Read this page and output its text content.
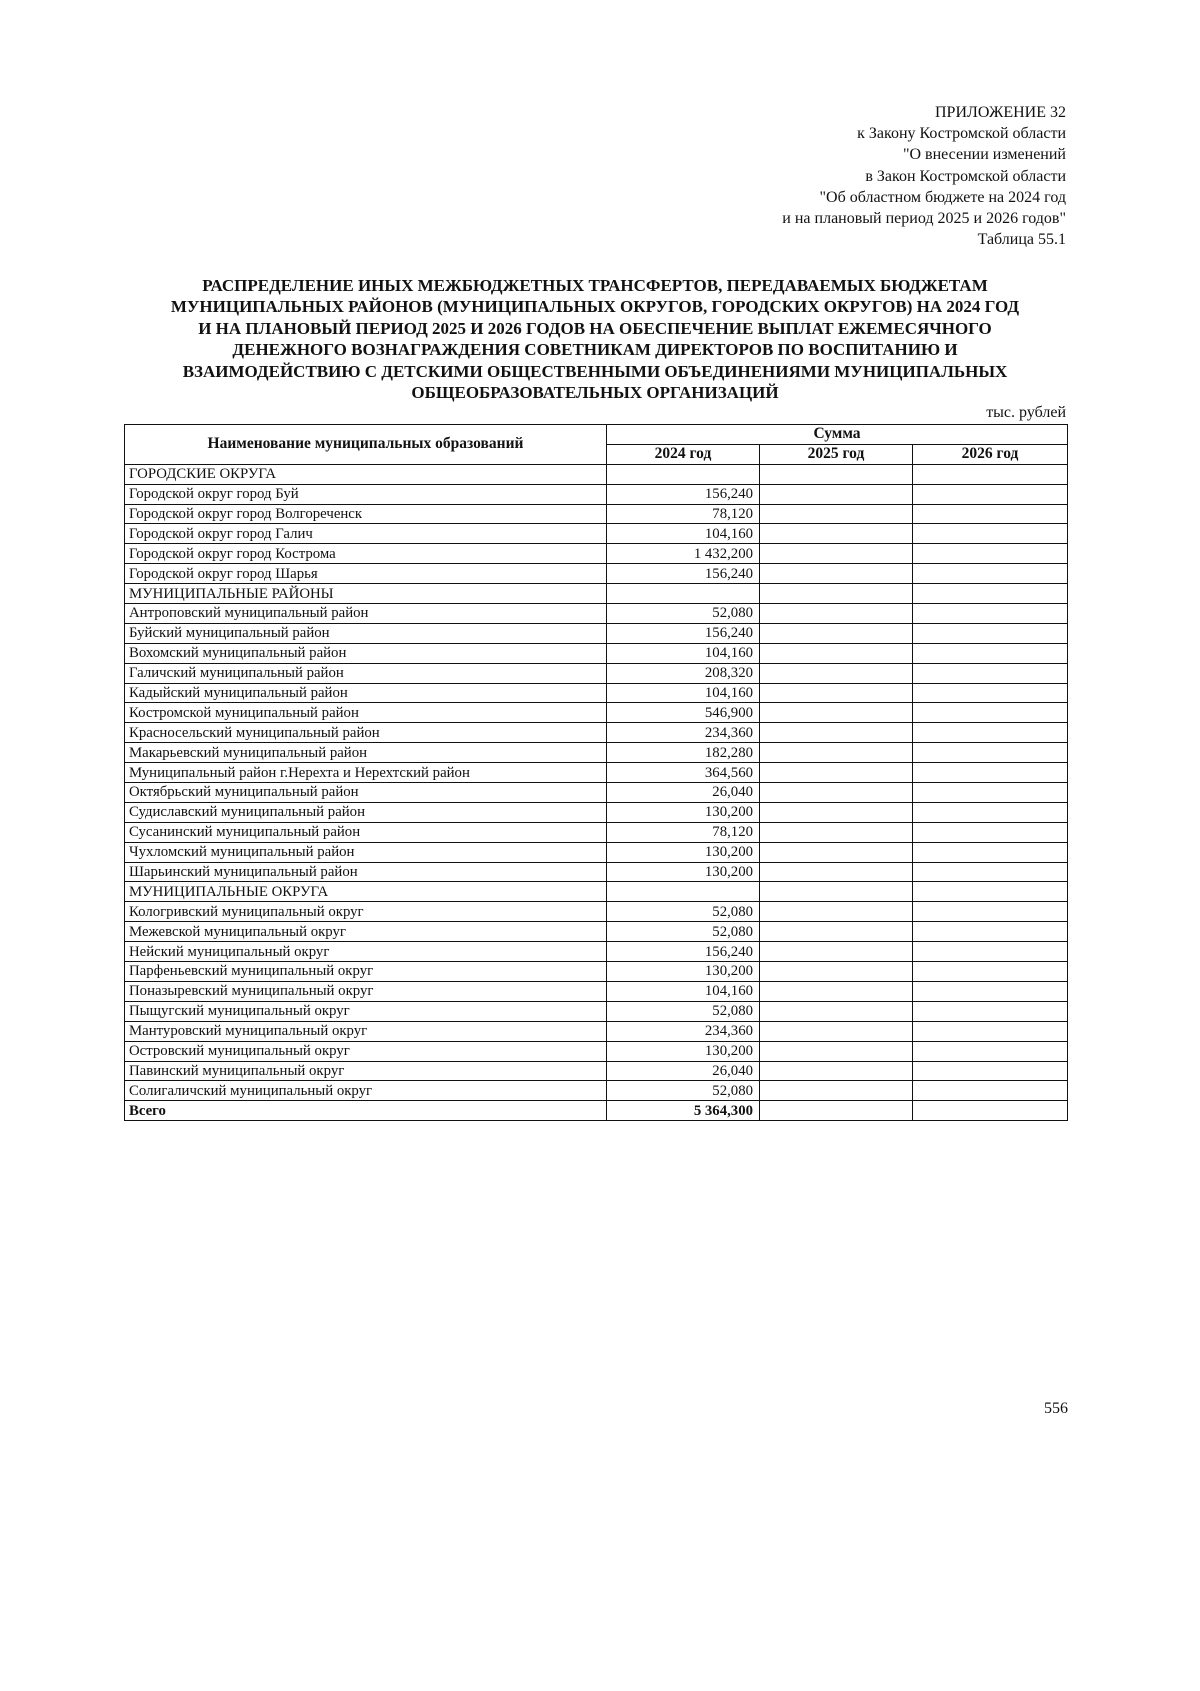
ПРИЛОЖЕНИЕ 32
к Закону Костромской области
"О внесении изменений
в Закон Костромской области
"Об областном бюджете на 2024 год
и на плановый период 2025 и 2026 годов"
Таблица 55.1
РАСПРЕДЕЛЕНИЕ ИНЫХ МЕЖБЮДЖЕТНЫХ ТРАНСФЕРТОВ, ПЕРЕДАВАЕМЫХ БЮДЖЕТАМ
МУНИЦИПАЛЬНЫХ РАЙОНОВ (МУНИЦИПАЛЬНЫХ ОКРУГОВ, ГОРОДСКИХ ОКРУГОВ) НА 2024 ГОД
И НА ПЛАНОВЫЙ ПЕРИОД 2025 И 2026 ГОДОВ НА ОБЕСПЕЧЕНИЕ ВЫПЛАТ ЕЖЕМЕСЯЧНОГО
ДЕНЕЖНОГО ВОЗНАГРАЖДЕНИЯ СОВЕТНИКАМ ДИРЕКТОРОВ ПО ВОСПИТАНИЮ И
ВЗАИМОДЕЙСТВИЮ С ДЕТСКИМИ ОБЩЕСТВЕННЫМИ ОБЪЕДИНЕНИЯМИ МУНИЦИПАЛЬНЫХ
ОБЩЕОБРАЗОВАТЕЛЬНЫХ ОРГАНИЗАЦИЙ
тыс. рублей
Наименование муниципальных образований	Сумма		
	2024 год	2025 год	2026 год
ГОРОДСКИЕ ОКРУГА			
Городской округ город Буй	156,240		
Городской округ город Волгореченск	78,120		
Городской округ город Галич	104,160		
Городской округ город Кострома	1 432,200		
Городской округ город Шарья	156,240		
МУНИЦИПАЛЬНЫЕ РАЙОНЫ			
Антроповский муниципальный район	52,080		
Буйский муниципальный район	156,240		
Вохомский муниципальный район	104,160		
Галичский муниципальный район	208,320		
Кадыйский муниципальный район	104,160		
Костромской муниципальный район	546,900		
Красносельский муниципальный район	234,360		
Макарьевский муниципальный район	182,280		
Муниципальный район г.Нерехта и Нерехтский район	364,560		
Октябрьский муниципальный район	26,040		
Судиславский муниципальный район	130,200		
Сусанинский муниципальный район	78,120		
Чухломский муниципальный район	130,200		
Шарьинский муниципальный район	130,200		
МУНИЦИПАЛЬНЫЕ ОКРУГА			
Кологривский муниципальный округ	52,080		
Межевской муниципальный округ	52,080		
Нейский муниципальный округ	156,240		
Парфеньевский муниципальный округ	130,200		
Поназыревский муниципальный округ	104,160		
Пыщугский муниципальный округ	52,080		
Мантуровский муниципальный округ	234,360		
Островский муниципальный округ	130,200		
Павинский муниципальный округ	26,040		
Солигаличский муниципальный округ	52,080		
Всего	5 364,300		
556
